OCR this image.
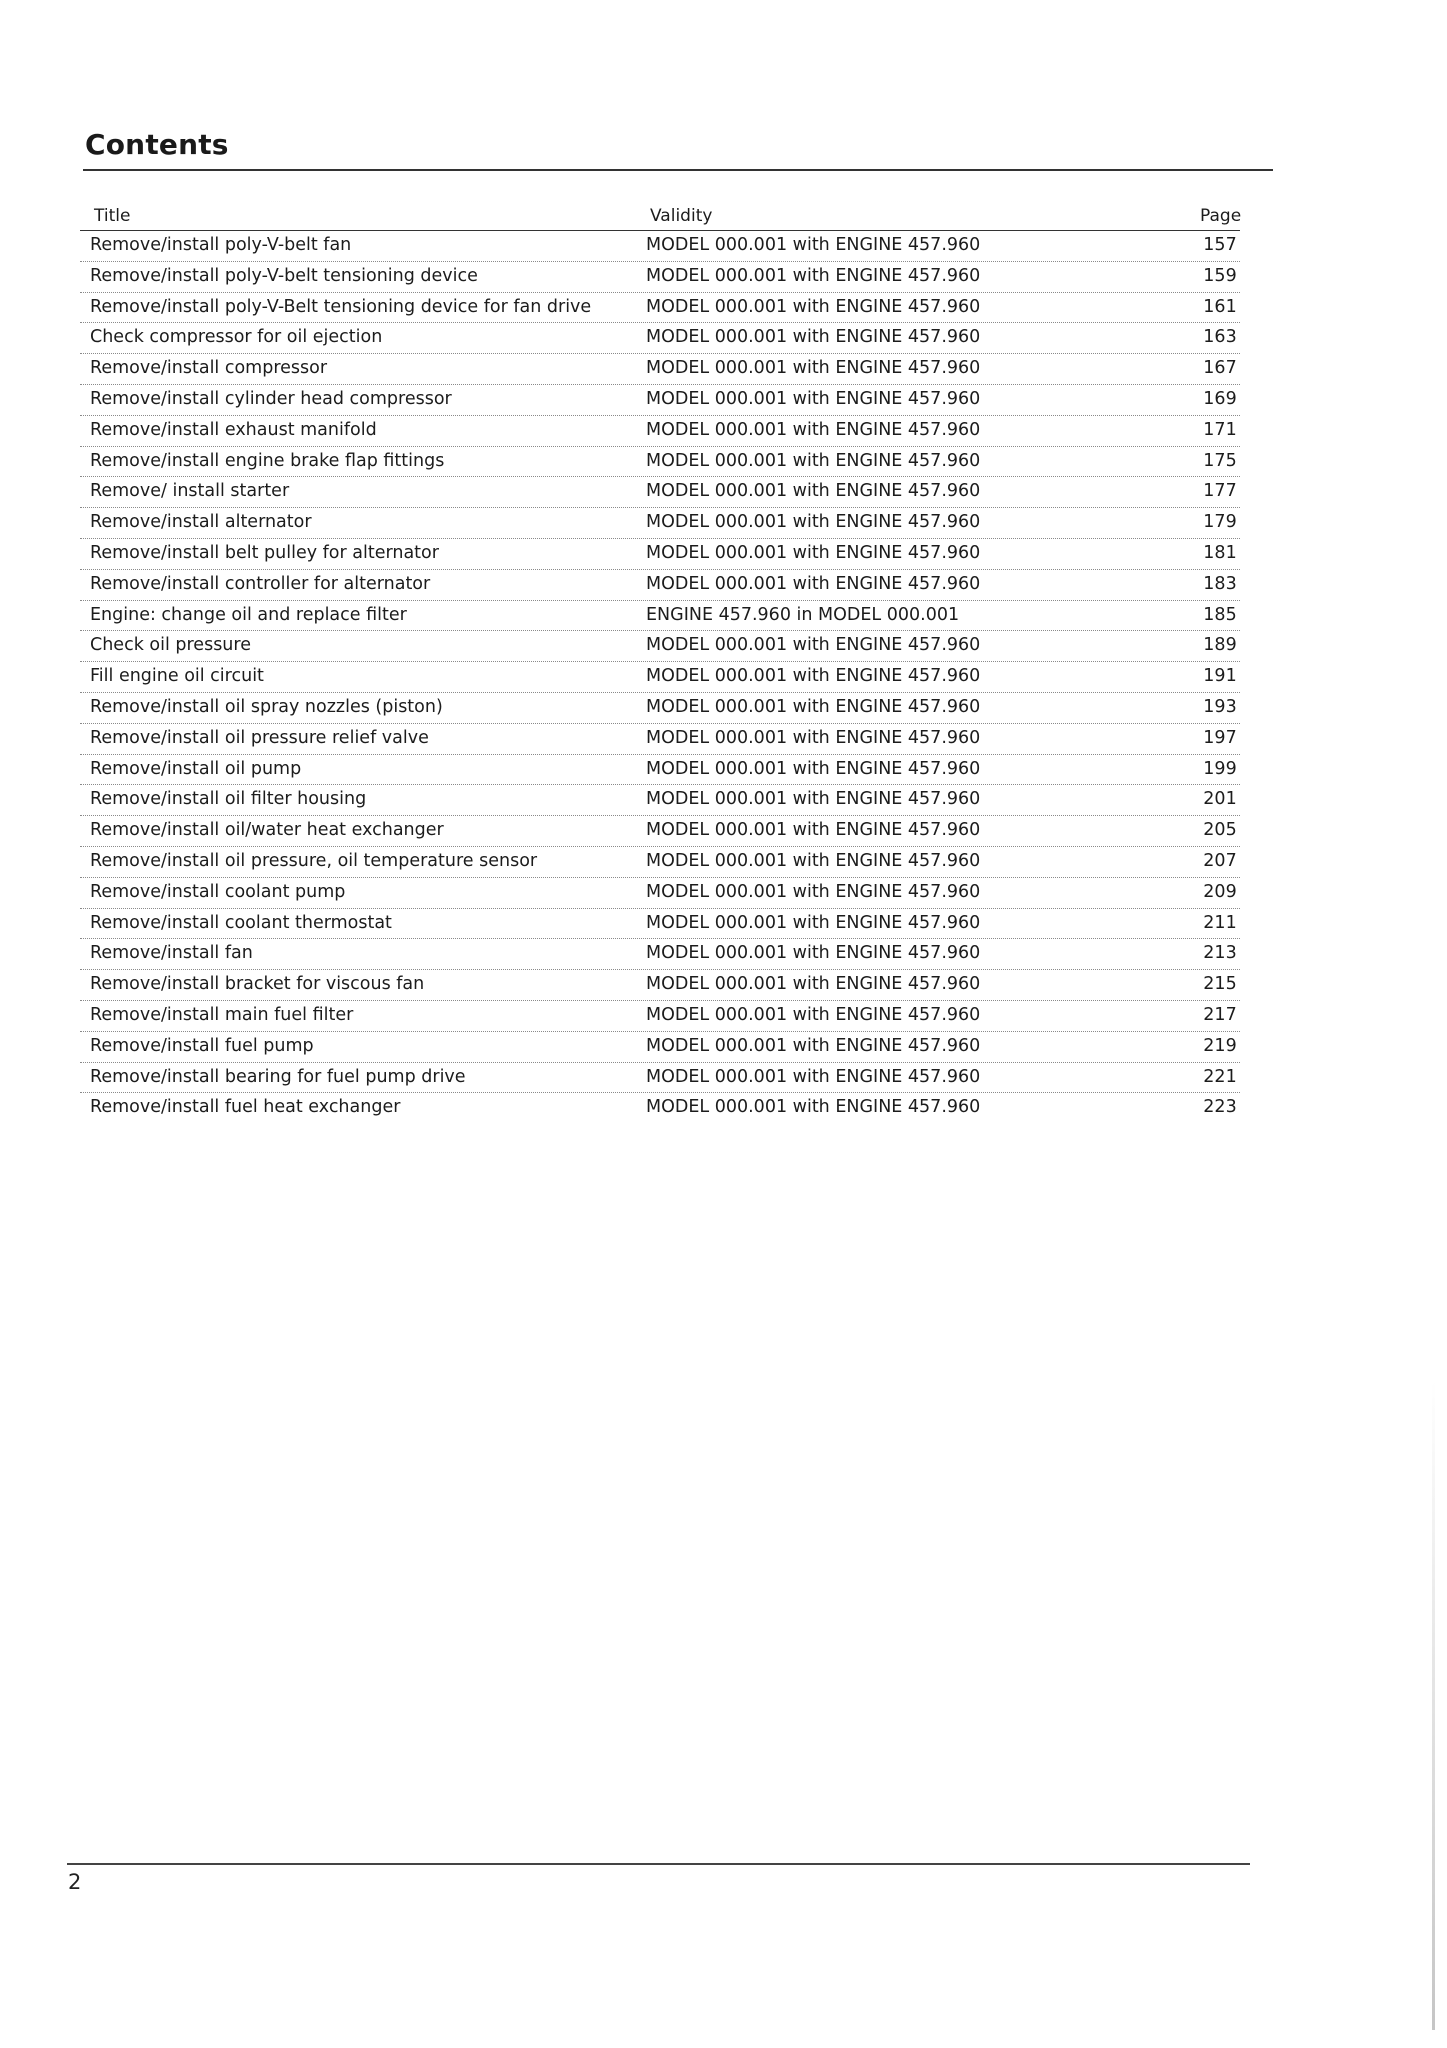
Contents
Title	Validity	Page
Remove/install poly-V-belt fan	MODEL 000.001 with ENGINE 457.960	157
Remove/install poly-V-belt tensioning device	MODEL 000.001 with ENGINE 457.960	159
Remove/install poly-V-Belt tensioning device for fan drive	MODEL 000.001 with ENGINE 457.960	161
Check compressor for oil ejection	MODEL 000.001 with ENGINE 457.960	163
Remove/install compressor	MODEL 000.001 with ENGINE 457.960	167
Remove/install cylinder head compressor	MODEL 000.001 with ENGINE 457.960	169
Remove/install exhaust manifold	MODEL 000.001 with ENGINE 457.960	171
Remove/install engine brake flap fittings	MODEL 000.001 with ENGINE 457.960	175
Remove/ install starter	MODEL 000.001 with ENGINE 457.960	177
Remove/install alternator	MODEL 000.001 with ENGINE 457.960	179
Remove/install belt pulley for alternator	MODEL 000.001 with ENGINE 457.960	181
Remove/install controller for alternator	MODEL 000.001 with ENGINE 457.960	183
Engine: change oil and replace filter	ENGINE 457.960 in MODEL 000.001	185
Check oil pressure	MODEL 000.001 with ENGINE 457.960	189
Fill engine oil circuit	MODEL 000.001 with ENGINE 457.960	191
Remove/install oil spray nozzles (piston)	MODEL 000.001 with ENGINE 457.960	193
Remove/install oil pressure relief valve	MODEL 000.001 with ENGINE 457.960	197
Remove/install oil pump	MODEL 000.001 with ENGINE 457.960	199
Remove/install oil filter housing	MODEL 000.001 with ENGINE 457.960	201
Remove/install oil/water heat exchanger	MODEL 000.001 with ENGINE 457.960	205
Remove/install oil pressure, oil temperature sensor	MODEL 000.001 with ENGINE 457.960	207
Remove/install coolant pump	MODEL 000.001 with ENGINE 457.960	209
Remove/install coolant thermostat	MODEL 000.001 with ENGINE 457.960	211
Remove/install fan	MODEL 000.001 with ENGINE 457.960	213
Remove/install bracket for viscous fan	MODEL 000.001 with ENGINE 457.960	215
Remove/install main fuel filter	MODEL 000.001 with ENGINE 457.960	217
Remove/install fuel pump	MODEL 000.001 with ENGINE 457.960	219
Remove/install bearing for fuel pump drive	MODEL 000.001 with ENGINE 457.960	221
Remove/install fuel heat exchanger	MODEL 000.001 with ENGINE 457.960	223
2
